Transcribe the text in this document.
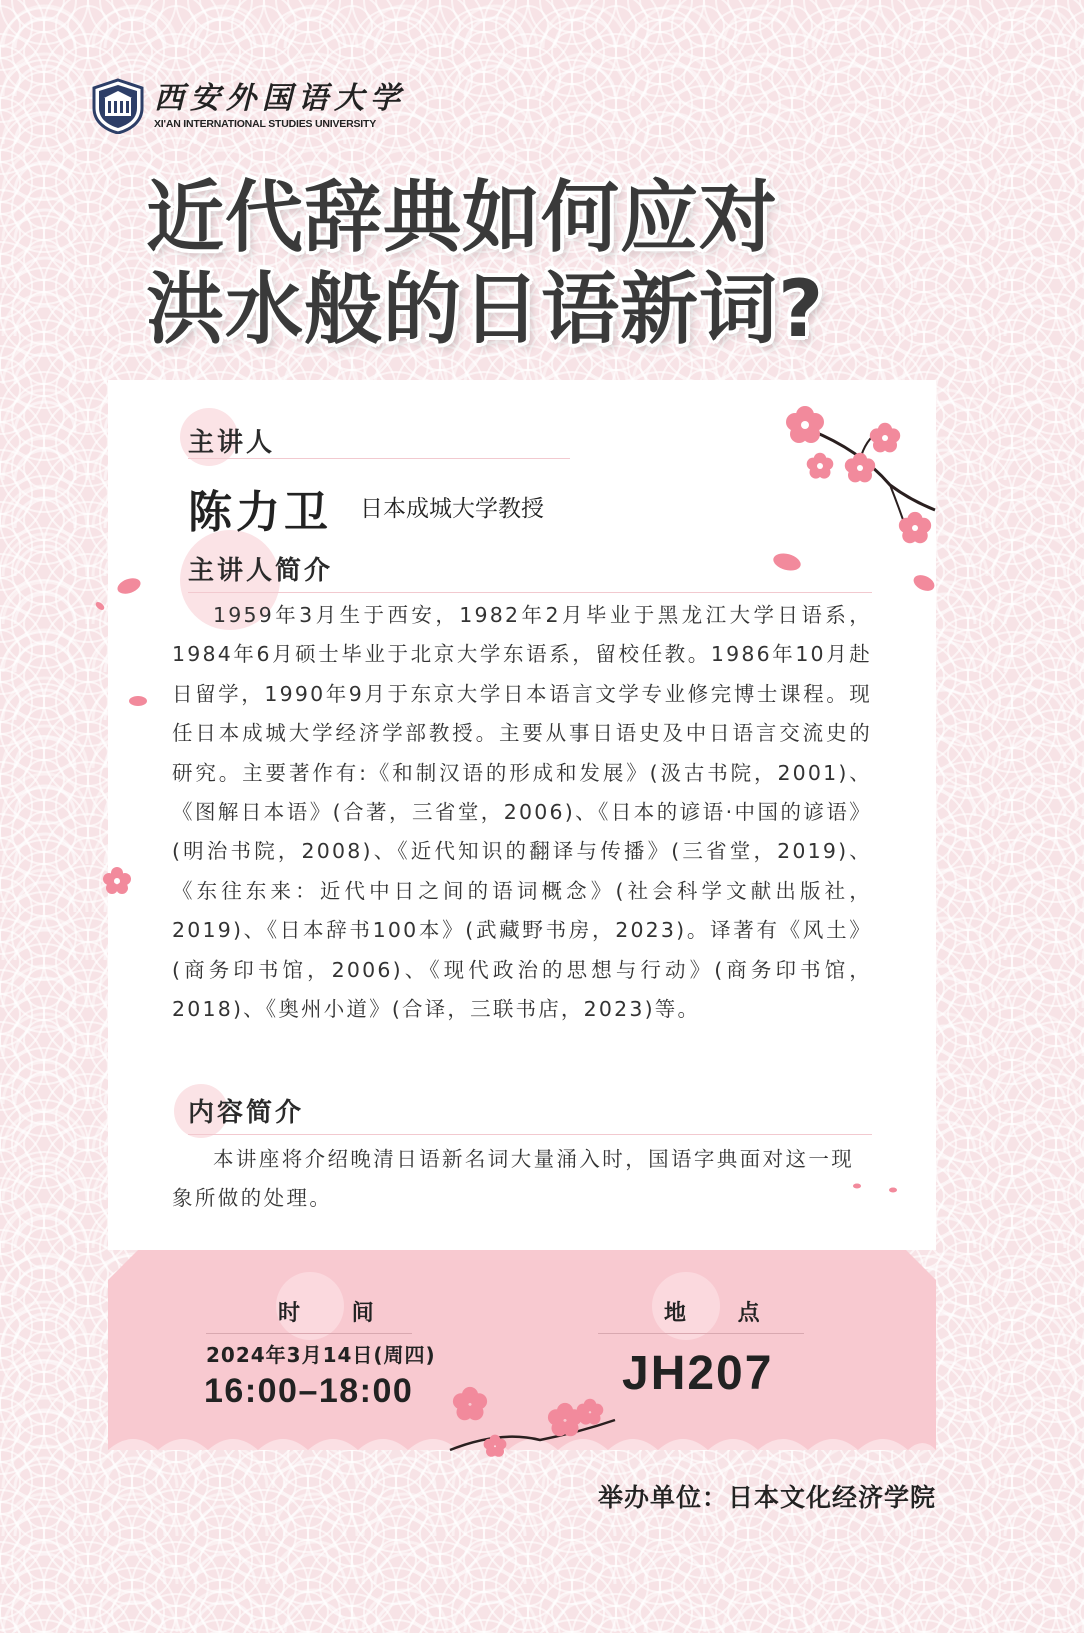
西安外国语大学
XI'AN INTERNATIONAL STUDIES UNIVERSITY
近代辞典如何应对
洪水般的日语新词?
主讲人
陈力卫 日本成城大学教授
主讲人简介
1959年3月生于西安，1982年2月毕业于黑龙江大学日语系，1984年6月硕士毕业于北京大学东语系，留校任教。1986年10月赴日留学，1990年9月于东京大学日本语言文学专业修完博士课程。现任日本成城大学经济学部教授。主要从事日语史及中日语言交流史的研究。主要著作有:《和制汉语的形成和发展》(汲古书院，2001)、《图解日本语》(合著，三省堂，2006)、《日本的谚语·中国的谚语》(明治书院，2008)、《近代知识的翻译与传播》(三省堂，2019)、《东往东来：近代中日之间的语词概念》(社会科学文献出版社，2019)、《日本辞书100本》(武藏野书房，2023)。译著有《风土》(商务印书馆，2006)、《现代政治的思想与行动》(商务印书馆，2018)、《奥州小道》(合译，三联书店，2023)等。
内容简介
本讲座将介绍晚清日语新名词大量涌入时，国语字典面对这一现象所做的处理。
时 间
2024年3月14日(周四)
16:00–18:00
地 点
JH207
举办单位：日本文化经济学院
